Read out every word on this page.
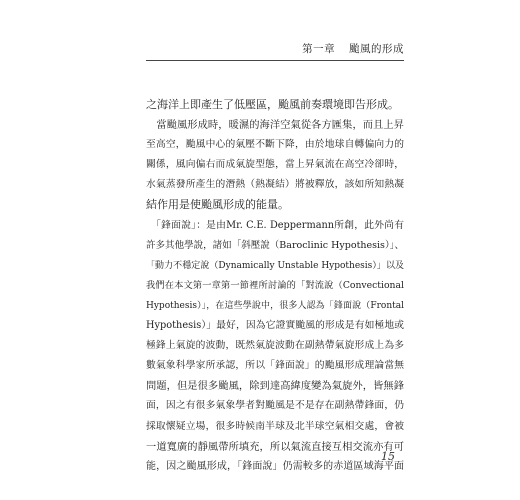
第一章 颱風的形成
之海洋上即產生了低壓區，颱風前奏環境即告形成。
　當颱風形成時，暖濕的海洋空氣從各方匯集，而且上昇
至高空，颱風中心的氣壓不斷下降，由於地球自轉偏向力的
關係，風向偏右而成氣旋型態，當上昇氣流在高空冷卻時，
水氣蒸發所產生的潛熱（熱凝結）將被釋放，該如所知熱凝
結作用是使颱風形成的能量。
　「鋒面說」：是由Mr. C.E. Deppermann所創，此外尚有
許多其他學說，諸如「斜壓說（Baroclinic Hypothesis）」、
「動力不穩定說（Dynamically Unstable Hypothesis）」以及
我們在本文第一章第一節裡所討論的「對流說（Convectional
Hypothesis）」，在這些學說中，很多人認為「鋒面說（Frontal
Hypothesis）」最好，因為它證實颱風的形成是有如極地或
極鋒上氣旋的波動，既然氣旋波動在副熱帶氣旋形成上為多
數氣象科學家所承認，所以「鋒面說」的颱風形成理論當無
問題，但是很多颱風，除到達高緯度變為氣旋外，皆無鋒
面，因之有很多氣象學者對颱風是不是存在副熱帶鋒面，仍
採取懷疑立場，很多時候南半球及北半球空氣相交處，會被
一道寬廣的靜風帶所填充，所以氣流直接互相交流亦有可
能，因之颱風形成，「鋒面說」仍需較多的赤道區域海平面
15
